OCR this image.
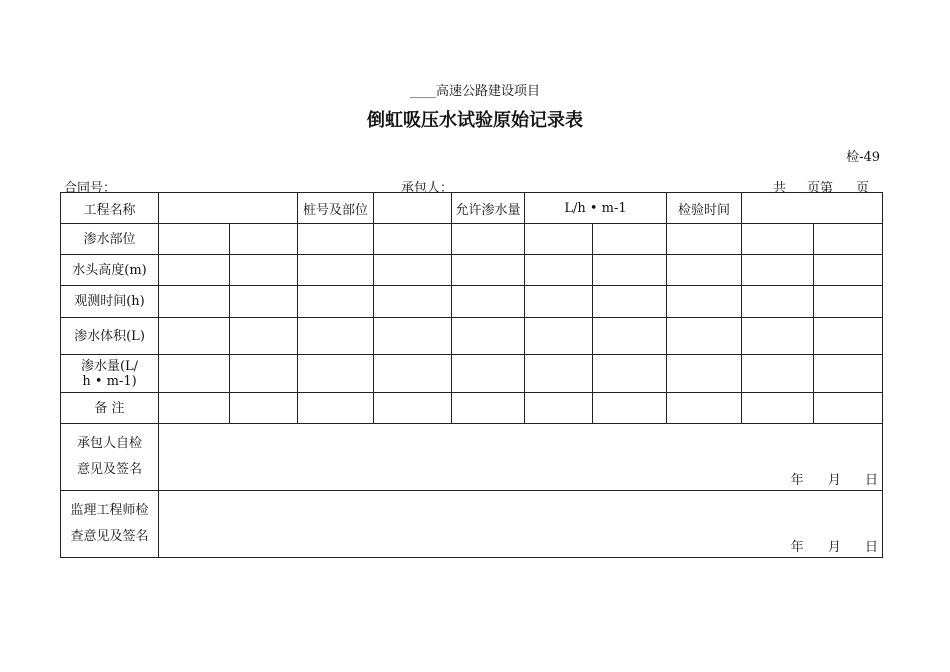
____高速公路建设项目
倒虹吸压水试验原始记录表
检-49
合同号：	承包人：	共 页第 页
工程名称			桩号及部位		允许渗水量	L/h • m-1		检验时间		
渗水部位										
水头高度(m)										
观测时间(h)										
渗水体积(L)										
渗水量(L/
h • m-1)										
备 注										

承包人自检
意见及签名	年 月 日									

监理工程师检
查意见及签名	年 月 日									
